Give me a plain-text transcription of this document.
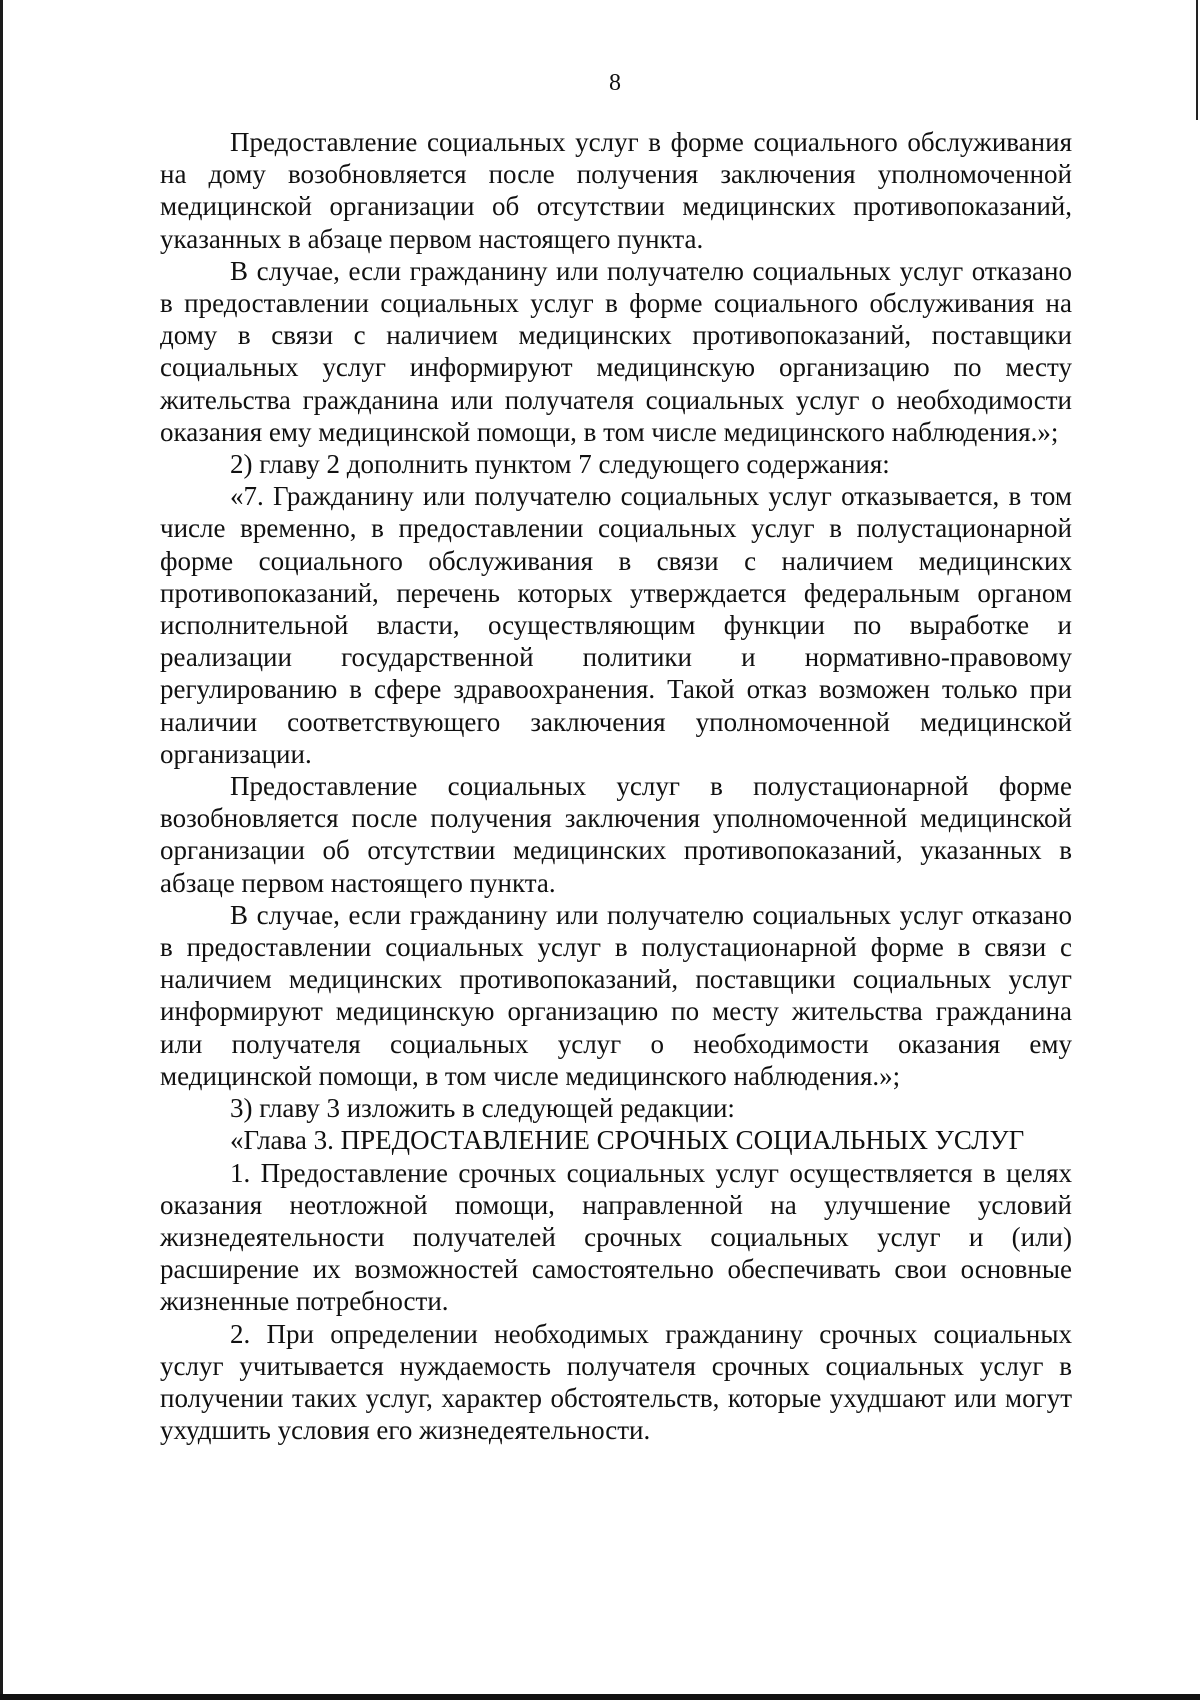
8

Предоставление социальных услуг в форме социального обслуживания на дому возобновляется после получения заключения уполномоченной медицинской организации об отсутствии медицинских противопоказаний, указанных в абзаце первом настоящего пункта.

В случае, если гражданину или получателю социальных услуг отказано в предоставлении социальных услуг в форме социального обслуживания на дому в связи с наличием медицинских противопоказаний, поставщики социальных услуг информируют медицинскую организацию по месту жительства гражданина или получателя социальных услуг о необходимости оказания ему медицинской помощи, в том числе медицинского наблюдения.»;

2) главу 2 дополнить пунктом 7 следующего содержания:

«7. Гражданину или получателю социальных услуг отказывается, в том числе временно, в предоставлении социальных услуг в полустационарной форме социального обслуживания в связи с наличием медицинских противопоказаний, перечень которых утверждается федеральным органом исполнительной власти, осуществляющим функции по выработке и реализации государственной политики и нормативно-правовому регулированию в сфере здравоохранения. Такой отказ возможен только при наличии соответствующего заключения уполномоченной медицинской организации.

Предоставление социальных услуг в полустационарной форме возобновляется после получения заключения уполномоченной медицинской организации об отсутствии медицинских противопоказаний, указанных в абзаце первом настоящего пункта.

В случае, если гражданину или получателю социальных услуг отказано в предоставлении социальных услуг в полустационарной форме в связи с наличием медицинских противопоказаний, поставщики социальных услуг информируют медицинскую организацию по месту жительства гражданина или получателя социальных услуг о необходимости оказания ему медицинской помощи, в том числе медицинского наблюдения.»;

3) главу 3 изложить в следующей редакции:

«Глава 3. ПРЕДОСТАВЛЕНИЕ СРОЧНЫХ СОЦИАЛЬНЫХ УСЛУГ

1. Предоставление срочных социальных услуг осуществляется в целях оказания неотложной помощи, направленной на улучшение условий жизнедеятельности получателей срочных социальных услуг и (или) расширение их возможностей самостоятельно обеспечивать свои основные жизненные потребности.

2. При определении необходимых гражданину срочных социальных услуг учитывается нуждаемость получателя срочных социальных услуг в получении таких услуг, характер обстоятельств, которые ухудшают или могут ухудшить условия его жизнедеятельности.
